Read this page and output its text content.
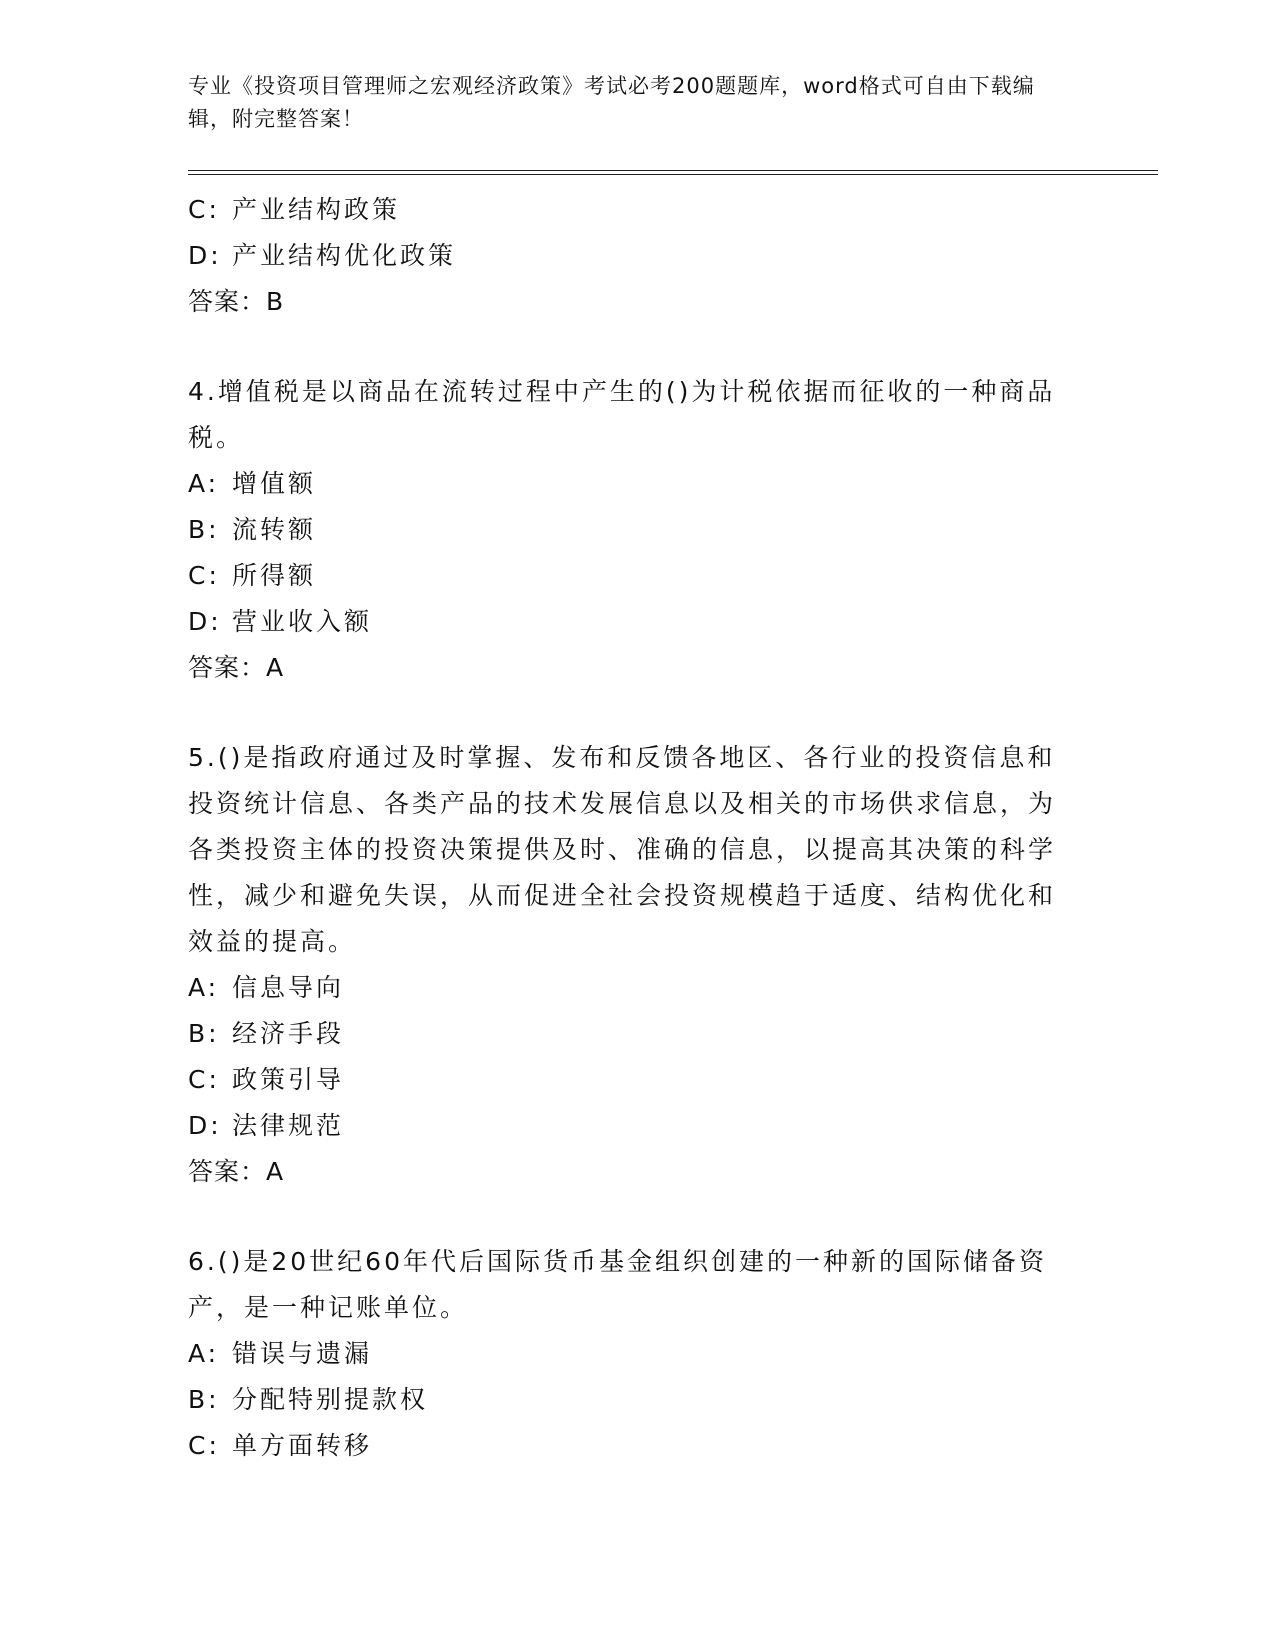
专业《投资项目管理师之宏观经济政策》考试必考200题题库，word格式可自由下载编辑，附完整答案！

C: 产业结构政策

D: 产业结构优化政策

答案：B

4.增值税是以商品在流转过程中产生的()为计税依据而征收的一种商品税。

A: 增值额

B: 流转额

C: 所得额

D: 营业收入额

答案：A

5.()是指政府通过及时掌握、发布和反馈各地区、各行业的投资信息和投资统计信息、各类产品的技术发展信息以及相关的市场供求信息，为各类投资主体的投资决策提供及时、准确的信息，以提高其决策的科学性，减少和避免失误，从而促进全社会投资规模趋于适度、结构优化和效益的提高。

A: 信息导向

B: 经济手段

C: 政策引导

D: 法律规范

答案：A

6.()是20世纪60年代后国际货币基金组织创建的一种新的国际储备资产，是一种记账单位。

A: 错误与遗漏

B: 分配特别提款权

C: 单方面转移
